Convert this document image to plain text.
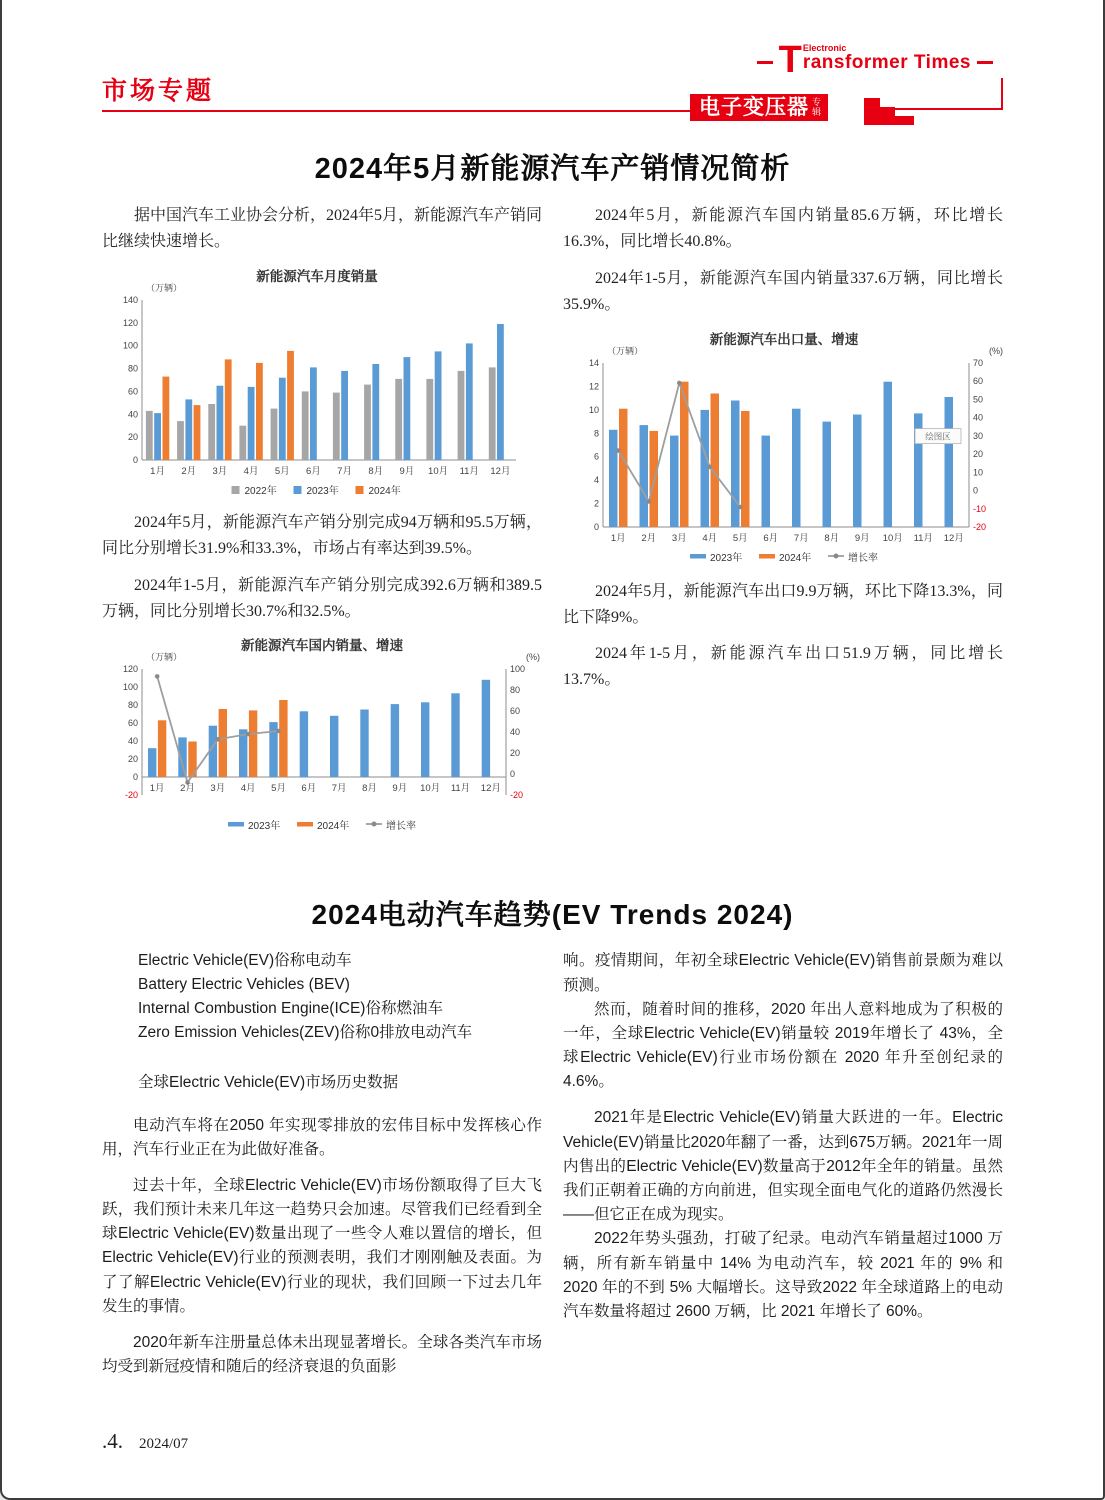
市场专题
电子变压器 专辑
T Electronic
ransformer Times
2024年5月新能源汽车产销情况简析

据中国汽车工业协会分析，2024年5月，新能源汽车产销同比继续快速增长。

新能源汽车月度销量
（万辆）
0
20
40
60
80
100
120
140
1月 2月 3月 4月 5月 6月 7月 8月 9月 10月 11月 12月
2022年	2023年	2024年

2024年5月，新能源汽车产销分别完成94万辆和95.5万辆，同比分别增长31.9%和33.3%，市场占有率达到39.5%。

2024年1-5月，新能源汽车产销分别完成392.6万辆和389.5万辆，同比分别增长30.7%和32.5%。

新能源汽车国内销量、增速
（万辆）	(%)
-20
0
20
40
60
80
100
120
-20
0
20
40
60
80
100
1月 2月 3月 4月 5月 6月 7月 8月 9月 10月 11月 12月
2023年	2024年	增长率

2024年5月，新能源汽车国内销量85.6万辆，环比增长16.3%，同比增长40.8%。

2024年1-5月，新能源汽车国内销量337.6万辆，同比增长35.9%。

新能源汽车出口量、增速
（万辆）	(%)
0
2
4
6
8
10
12
14
-20
-10
0
10
20
30
40
50
60
70
1月 2月 3月 4月 5月 6月 7月 8月 9月 10月 11月 12月
2023年	2024年	增长率
绘图区

2024年5月，新能源汽车出口9.9万辆，环比下降13.3%，同比下降9%。

2024年1-5月，新能源汽车出口51.9万辆，同比增长13.7%。

2024电动汽车趋势(EV Trends 2024)
Electric Vehicle(EV)俗称电动车
Battery Electric Vehicles (BEV)
Internal Combustion Engine(ICE)俗称燃油车
Zero Emission Vehicles(ZEV)俗称0排放电动汽车
全球Electric Vehicle(EV)市场历史数据

电动汽车将在2050 年实现零排放的宏伟目标中发挥核心作用，汽车行业正在为此做好准备。

过去十年，全球Electric Vehicle(EV)市场份额取得了巨大飞跃，我们预计未来几年这一趋势只会加速。尽管我们已经看到全球Electric Vehicle(EV)数量出现了一些令人难以置信的增长，但Electric Vehicle(EV)行业的预测表明，我们才刚刚触及表面。为了了解Electric Vehicle(EV)行业的现状，我们回顾一下过去几年发生的事情。

2020年新车注册量总体未出现显著增长。全球各类汽车市场均受到新冠疫情和随后的经济衰退的负面影

响。疫情期间，年初全球Electric Vehicle(EV)销售前景颇为难以预测。

然而，随着时间的推移，2020 年出人意料地成为了积极的一年，全球Electric Vehicle(EV)销量较 2019年增长了 43%，全球Electric Vehicle(EV)行业市场份额在 2020 年升至创纪录的 4.6%。

2021年是Electric Vehicle(EV)销量大跃进的一年。Electric Vehicle(EV)销量比2020年翻了一番，达到675万辆。2021年一周内售出的Electric Vehicle(EV)数量高于2012年全年的销量。虽然我们正朝着正确的方向前进，但实现全面电气化的道路仍然漫长——但它正在成为现实。

2022年势头强劲，打破了纪录。电动汽车销量超过1000 万辆，所有新车销量中 14% 为电动汽车，较 2021 年的 9% 和 2020 年的不到 5% 大幅增长。这导致2022 年全球道路上的电动汽车数量将超过 2600 万辆，比 2021 年增长了 60%。

.4. 2024/07
